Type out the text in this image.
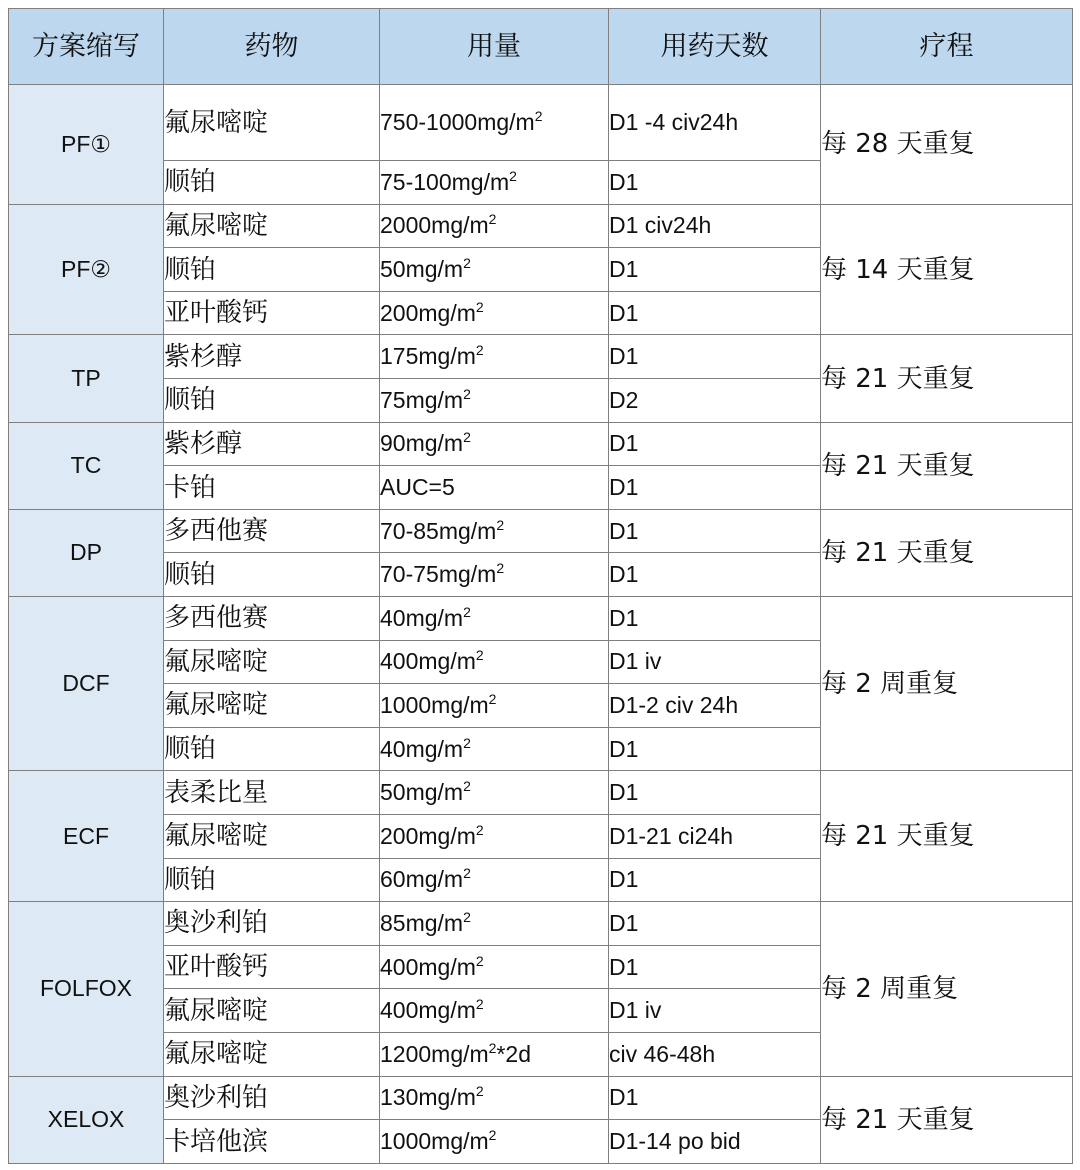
方案缩写	药物	用量	用药天数	疗程
PF①	氟尿嘧啶	$750-1000mg/m^2$	D1 -4 civ24h	每 28 天重复
	顺铂	$75-100mg/m^2$	D1	
PF②	氟尿嘧啶	$2000mg/m^2$	D1 civ24h	每 14 天重复
	顺铂	$50mg/m^2$	D1	
	亚叶酸钙	$200mg/m^2$	D1	
TP	紫杉醇	$175mg/m^2$	D1	每 21 天重复
	顺铂	$75mg/m^2$	D2	
TC	紫杉醇	$90mg/m^2$	D1	每 21 天重复
	卡铂	AUC=5	D1	
DP	多西他赛	$70-85mg/m^2$	D1	每 21 天重复
	顺铂	$70-75mg/m^2$	D1	
DCF	多西他赛	$40mg/m^2$	D1	每 2 周重复
	氟尿嘧啶	$400mg/m^2$	D1 iv	
	氟尿嘧啶	$1000mg/m^2$	D1-2 civ 24h	
	顺铂	$40mg/m^2$	D1	
ECF	表柔比星	$50mg/m^2$	D1	每 21 天重复
	氟尿嘧啶	$200mg/m^2$	D1-21 ci24h	
	顺铂	$60mg/m^2$	D1	
FOLFOX	奥沙利铂	$85mg/m^2$	D1	每 2 周重复
	亚叶酸钙	$400mg/m^2$	D1	
	氟尿嘧啶	$400mg/m^2$	D1 iv	
	氟尿嘧啶	$1200mg/m^2*2d$	civ 46-48h	
XELOX	奥沙利铂	$130mg/m^2$	D1	每 21 天重复
	卡培他滨	$1000mg/m^2$	D1-14 po bid	
